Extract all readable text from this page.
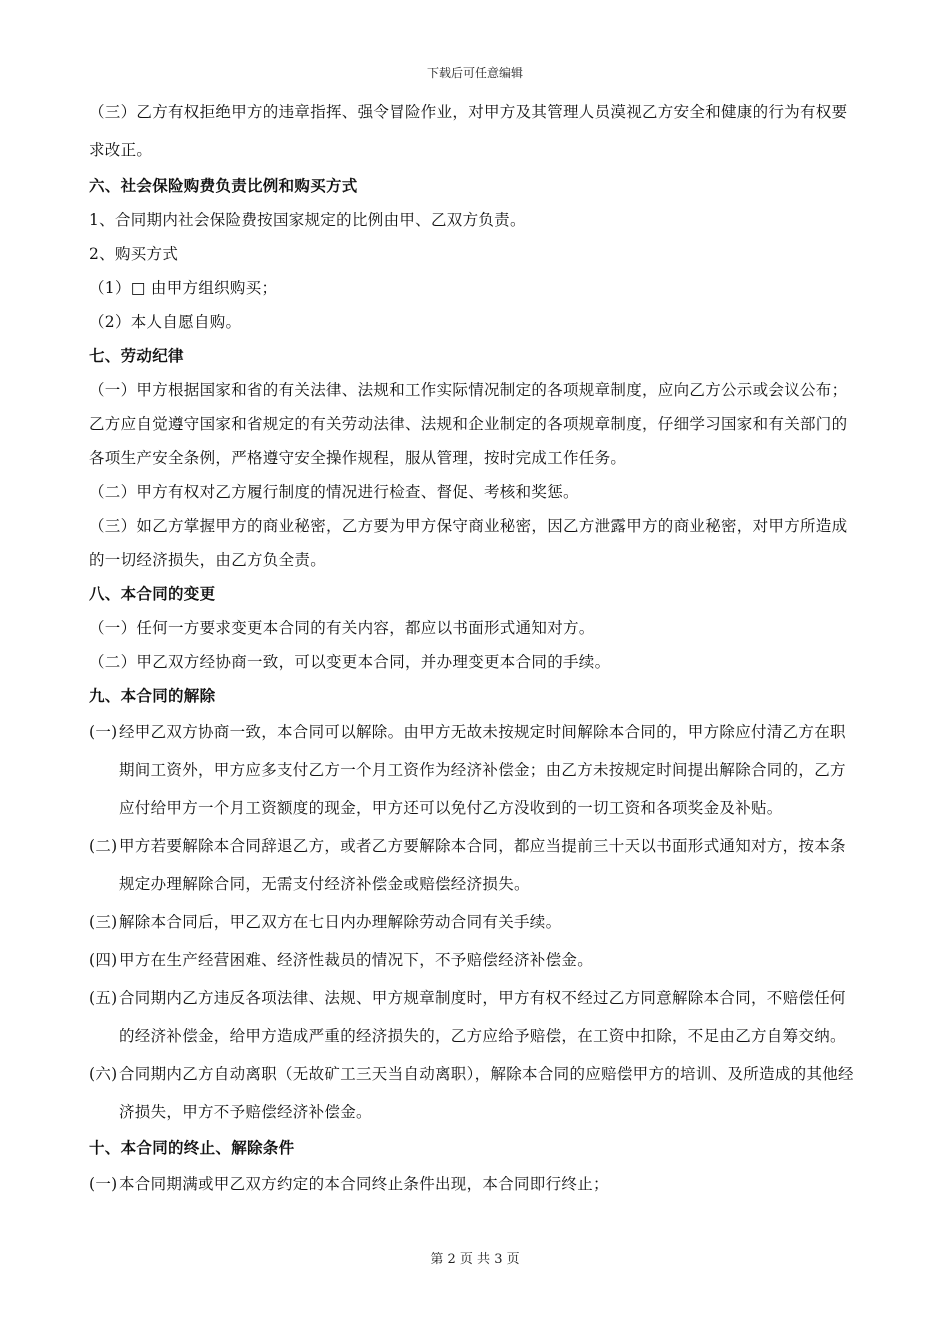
下载后可任意编辑

（三）乙方有权拒绝甲方的违章指挥、强令冒险作业，对甲方及其管理人员漠视乙方安全和健康的行为有权要求改正。

六、社会保险购费负责比例和购买方式

1、合同期内社会保险费按国家规定的比例由甲、乙双方负责。

2、购买方式

（1）□ 由甲方组织购买；

（2）本人自愿自购。

七、劳动纪律

（一）甲方根据国家和省的有关法律、法规和工作实际情况制定的各项规章制度，应向乙方公示或会议公布；乙方应自觉遵守国家和省规定的有关劳动法律、法规和企业制定的各项规章制度，仔细学习国家和有关部门的各项生产安全条例，严格遵守安全操作规程，服从管理，按时完成工作任务。

（二）甲方有权对乙方履行制度的情况进行检查、督促、考核和奖惩。

（三）如乙方掌握甲方的商业秘密，乙方要为甲方保守商业秘密，因乙方泄露甲方的商业秘密，对甲方所造成的一切经济损失，由乙方负全责。

八、本合同的变更

（一）任何一方要求变更本合同的有关内容，都应以书面形式通知对方。

（二）甲乙双方经协商一致，可以变更本合同，并办理变更本合同的手续。

九、本合同的解除

(一) 经甲乙双方协商一致，本合同可以解除。由甲方无故未按规定时间解除本合同的，甲方除应付清乙方在职期间工资外，甲方应多支付乙方一个月工资作为经济补偿金；由乙方未按规定时间提出解除合同的，乙方应付给甲方一个月工资额度的现金，甲方还可以免付乙方没收到的一切工资和各项奖金及补贴。
(二) 甲方若要解除本合同辞退乙方，或者乙方要解除本合同，都应当提前三十天以书面形式通知对方，按本条规定办理解除合同，无需支付经济补偿金或赔偿经济损失。
(三) 解除本合同后，甲乙双方在七日内办理解除劳动合同有关手续。
(四) 甲方在生产经营困难、经济性裁员的情况下，不予赔偿经济补偿金。
(五) 合同期内乙方违反各项法律、法规、甲方规章制度时，甲方有权不经过乙方同意解除本合同，不赔偿任何的经济补偿金，给甲方造成严重的经济损失的，乙方应给予赔偿，在工资中扣除，不足由乙方自筹交纳。
(六) 合同期内乙方自动离职（无故矿工三天当自动离职），解除本合同的应赔偿甲方的培训、及所造成的其他经济损失，甲方不予赔偿经济补偿金。

十、本合同的终止、解除条件

(一) 本合同期满或甲乙双方约定的本合同终止条件出现，本合同即行终止；
第 2 页 共 3 页
